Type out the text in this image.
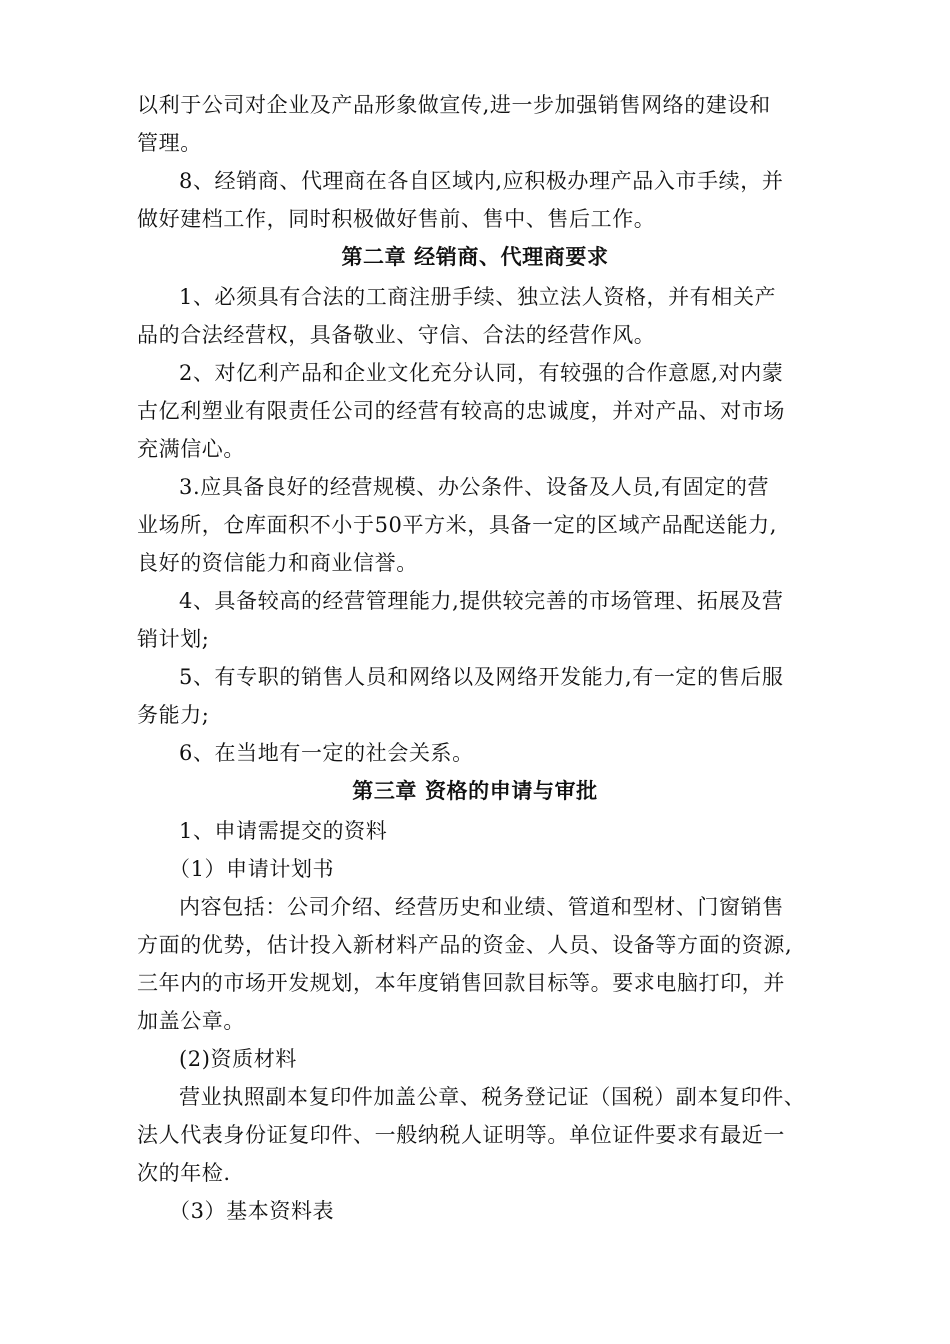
以利于公司对企业及产品形象做宣传,进一步加强销售网络的建设和
管理。
8、经销商、代理商在各自区域内,应积极办理产品入市手续，并
做好建档工作，同时积极做好售前、售中、售后工作。
第二章 经销商、代理商要求
1、必须具有合法的工商注册手续、独立法人资格，并有相关产
品的合法经营权，具备敬业、守信、合法的经营作风。
2、对亿利产品和企业文化充分认同，有较强的合作意愿,对内蒙
古亿利塑业有限责任公司的经营有较高的忠诚度，并对产品、对市场
充满信心。
3.应具备良好的经营规模、办公条件、设备及人员,有固定的营
业场所，仓库面积不小于50平方米，具备一定的区域产品配送能力,
良好的资信能力和商业信誉。
4、具备较高的经营管理能力,提供较完善的市场管理、拓展及营
销计划;
5、有专职的销售人员和网络以及网络开发能力,有一定的售后服
务能力;
6、在当地有一定的社会关系。
第三章 资格的申请与审批
1、申请需提交的资料
（1）申请计划书
内容包括：公司介绍、经营历史和业绩、管道和型材、门窗销售
方面的优势，估计投入新材料产品的资金、人员、设备等方面的资源,
三年内的市场开发规划，本年度销售回款目标等。要求电脑打印，并
加盖公章。
(2)资质材料
营业执照副本复印件加盖公章、税务登记证（国税）副本复印件、
法人代表身份证复印件、一般纳税人证明等。单位证件要求有最近一
次的年检.
（3）基本资料表
